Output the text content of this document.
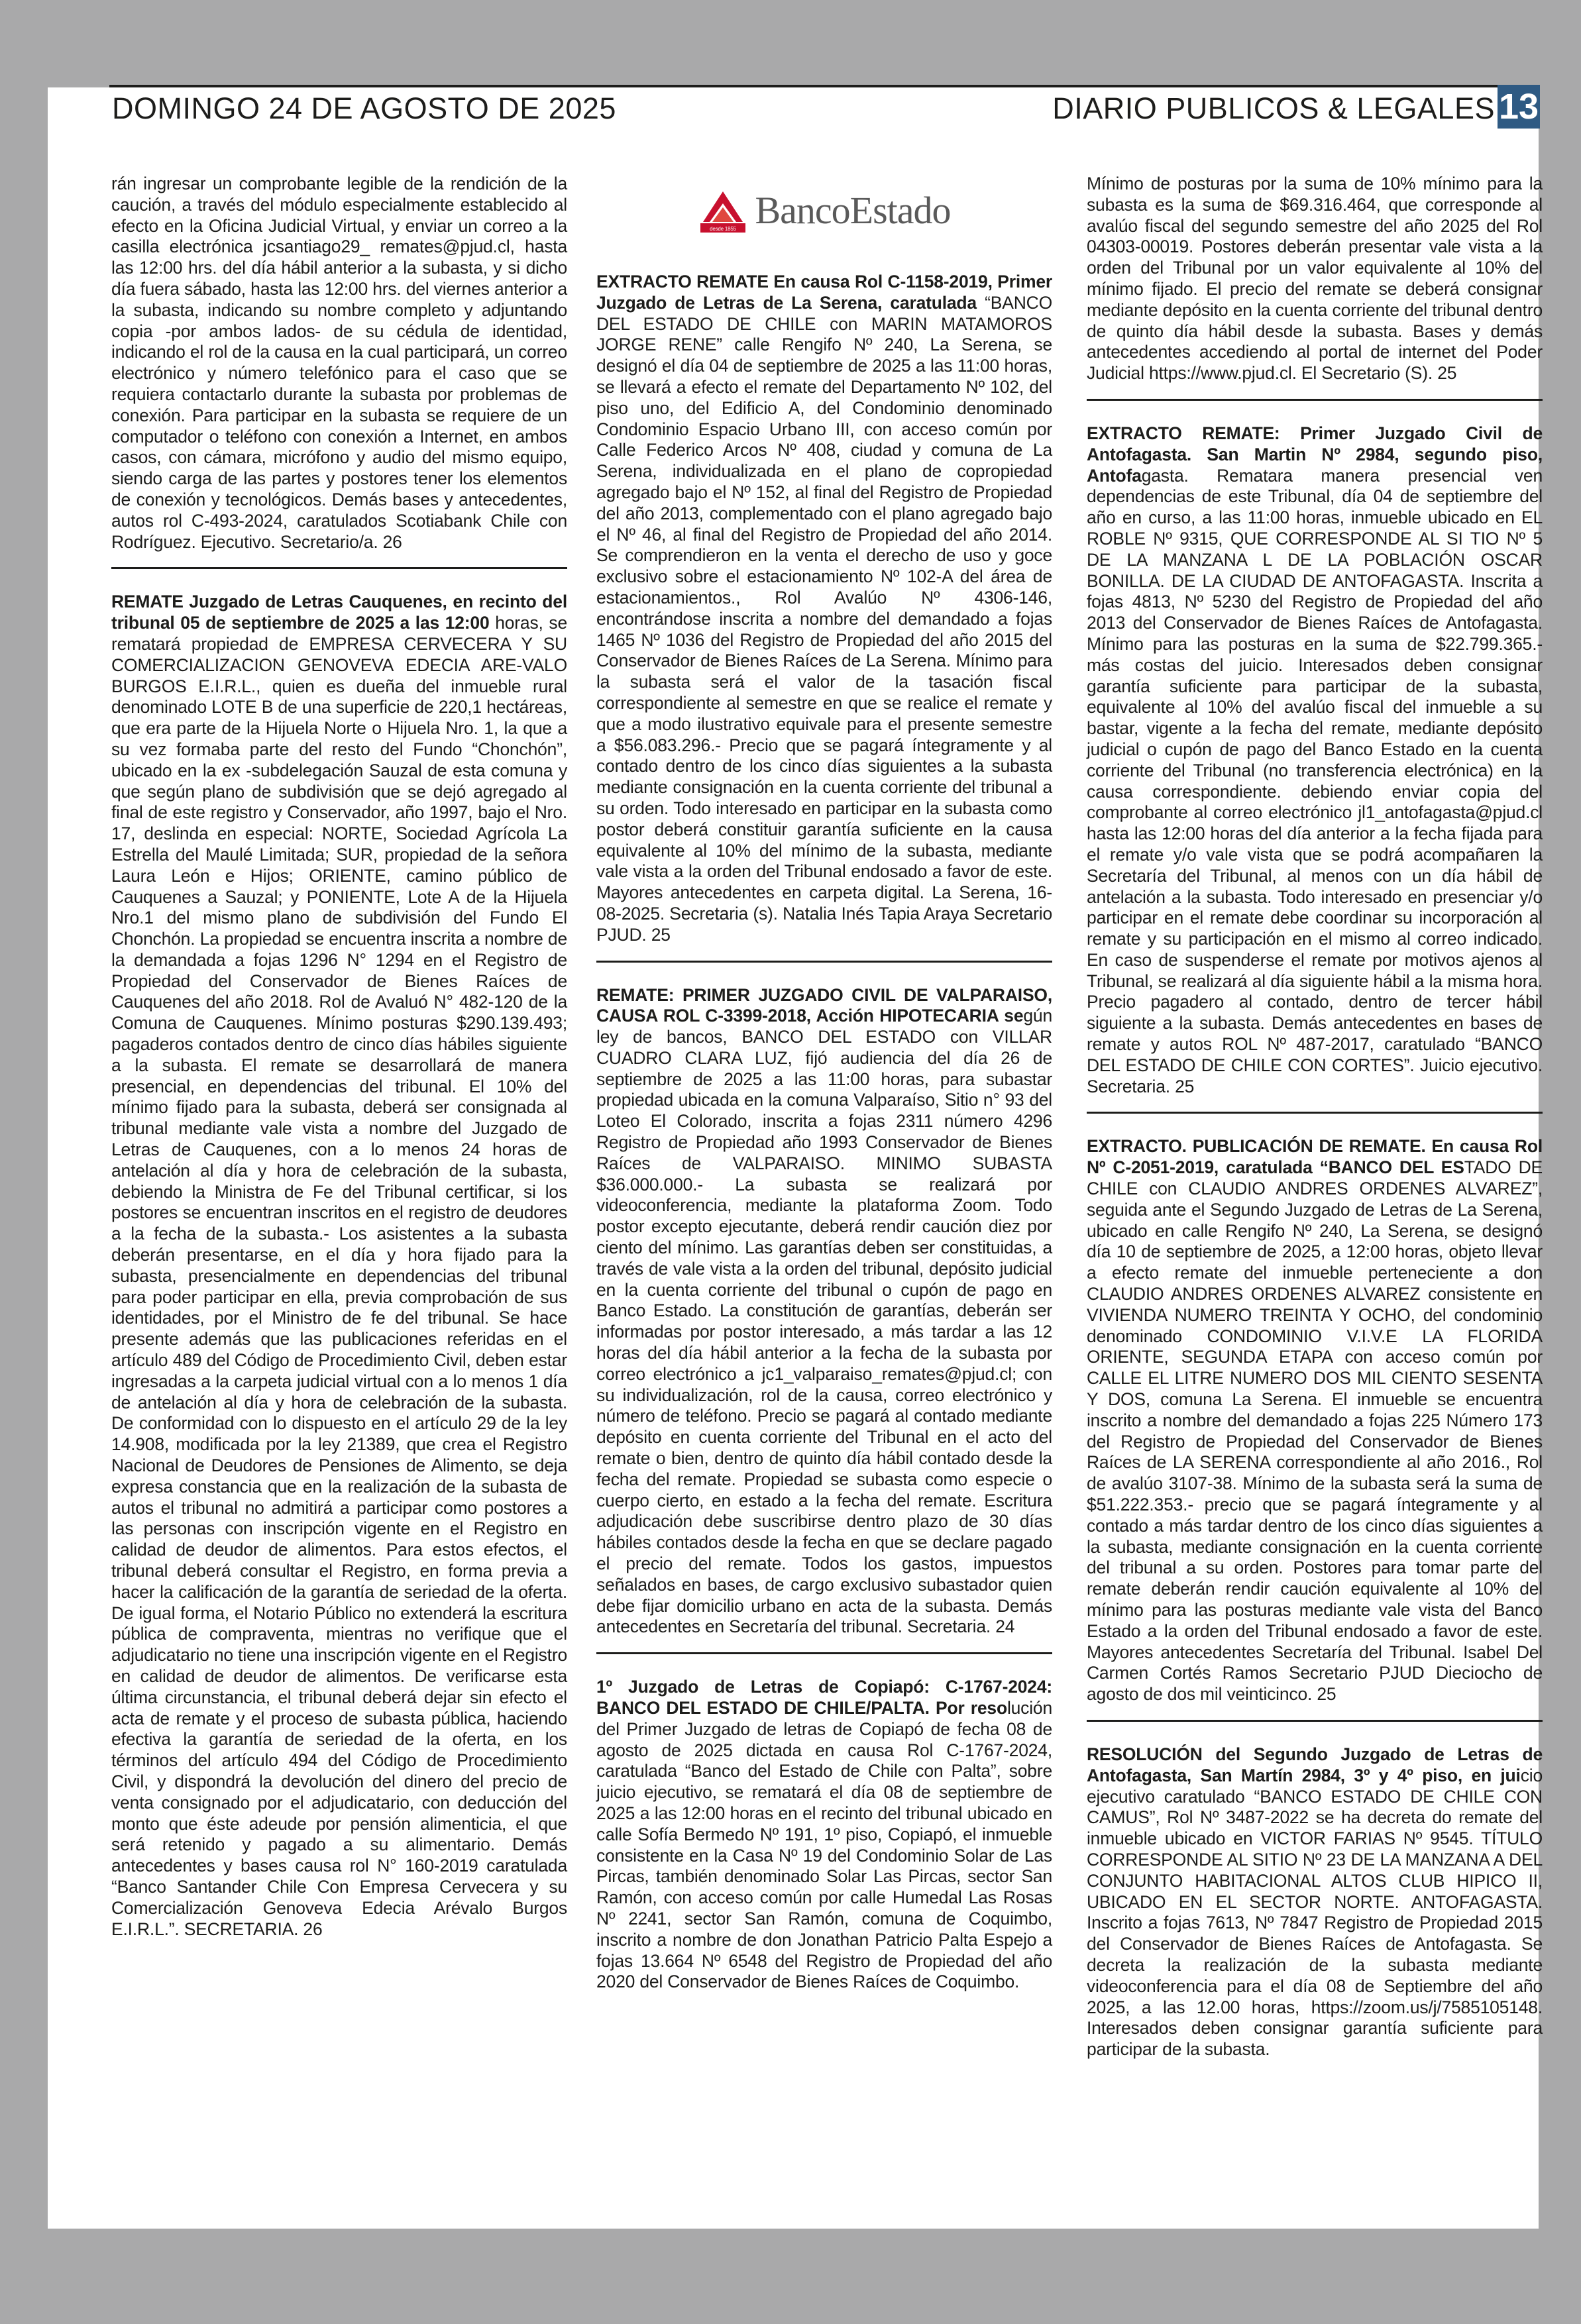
DOMINGO 24 DE AGOSTO DE 2025	DIARIO PUBLICOS & LEGALES 13

rán ingresar un comprobante legible de la rendición de la caución, a través del módulo especialmente establecido al efecto en la Oficina Judicial Virtual, y enviar un correo a la casilla electrónica jcsantiago29_ remates@pjud.cl, hasta las 12:00 hrs. del día hábil anterior a la subasta, y si dicho día fuera sábado, hasta las 12:00 hrs. del viernes anterior a la subasta, indicando su nombre completo y adjuntando copia -por ambos lados- de su cédula de identidad, indicando el rol de la causa en la cual participará, un correo electrónico y número telefónico para el caso que se requiera contactarlo durante la subasta por problemas de conexión. Para participar en la subasta se requiere de un computador o teléfono con conexión a Internet, en ambos casos, con cámara, micrófono y audio del mismo equipo, siendo carga de las partes y postores tener los elementos de conexión y tecnológicos. Demás bases y antecedentes, autos rol C-493-2024, caratulados Scotiabank Chile con Rodríguez. Ejecutivo. Secretario/a. 26

REMATE Juzgado de Letras Cauquenes, en recinto del tribunal 05 de septiembre de 2025 a las 12:00 horas, se rematará propiedad de EMPRESA CERVECERA Y SU COMERCIALIZACION GENOVEVA EDECIA ARE-VALO BURGOS E.I.R.L., quien es dueña del inmueble rural denominado LOTE B de una superficie de 220,1 hectáreas, que era parte de la Hijuela Norte o Hijuela Nro. 1, la que a su vez formaba parte del resto del Fundo “Chonchón”, ubicado en la ex -subdelegación Sauzal de esta comuna y que según plano de subdivisión que se dejó agregado al final de este registro y Conservador, año 1997, bajo el Nro. 17, deslinda en especial: NORTE, Sociedad Agrícola La Estrella del Maulé Limitada; SUR, propiedad de la señora Laura León e Hijos; ORIENTE, camino público de Cauquenes a Sauzal; y PONIENTE, Lote A de la Hijuela Nro.1 del mismo plano de subdivisión del Fundo El Chonchón. La propiedad se encuentra inscrita a nombre de la demandada a fojas 1296 N° 1294 en el Registro de Propiedad del Conservador de Bienes Raíces de Cauquenes del año 2018. Rol de Avaluó N° 482-120 de la Comuna de Cauquenes. Mínimo posturas $290.139.493; pagaderos contados dentro de cinco días hábiles siguiente a la subasta. El remate se desarrollará de manera presencial, en dependencias del tribunal. El 10% del mínimo fijado para la subasta, deberá ser consignada al tribunal mediante vale vista a nombre del Juzgado de Letras de Cauquenes, con a lo menos 24 horas de antelación al día y hora de celebración de la subasta, debiendo la Ministra de Fe del Tribunal certificar, si los postores se encuentran inscritos en el registro de deudores a la fecha de la subasta.- Los asistentes a la subasta deberán presentarse, en el día y hora fijado para la subasta, presencialmente en dependencias del tribunal para poder participar en ella, previa comprobación de sus identidades, por el Ministro de fe del tribunal. Se hace presente además que las publicaciones referidas en el artículo 489 del Código de Procedimiento Civil, deben estar ingresadas a la carpeta judicial virtual con a lo menos 1 día de antelación al día y hora de celebración de la subasta. De conformidad con lo dispuesto en el artículo 29 de la ley 14.908, modificada por la ley 21389, que crea el Registro Nacional de Deudores de Pensiones de Alimento, se deja expresa constancia que en la realización de la subasta de autos el tribunal no admitirá a participar como postores a las personas con inscripción vigente en el Registro en calidad de deudor de alimentos. Para estos efectos, el tribunal deberá consultar el Registro, en forma previa a hacer la calificación de la garantía de seriedad de la oferta. De igual forma, el Notario Público no extenderá la escritura pública de compraventa, mientras no verifique que el adjudicatario no tiene una inscripción vigente en el Registro en calidad de deudor de alimentos. De verificarse esta última circunstancia, el tribunal deberá dejar sin efecto el acta de remate y el proceso de subasta pública, haciendo efectiva la garantía de seriedad de la oferta, en los términos del artículo 494 del Código de Procedimiento Civil, y dispondrá la devolución del dinero del precio de venta consignado por el adjudicatario, con deducción del monto que éste adeude por pensión alimenticia, el que será retenido y pagado a su alimentario. Demás antecedentes y bases causa rol N° 160-2019 caratulada “Banco Santander Chile Con Empresa Cervecera y su Comercialización Genoveva Edecia Arévalo Burgos E.I.R.L.”. SECRETARIA. 26

desde 1855 BancoEstado

EXTRACTO REMATE En causa Rol C-1158-2019, Primer Juzgado de Letras de La Serena, caratulada “BANCO DEL ESTADO DE CHILE con MARIN MATAMOROS JORGE RENE” calle Rengifo Nº 240, La Serena, se designó el día 04 de septiembre de 2025 a las 11:00 horas, se llevará a efecto el remate del Departamento Nº 102, del piso uno, del Edificio A, del Condominio denominado Condominio Espacio Urbano III, con acceso común por Calle Federico Arcos Nº 408, ciudad y comuna de La Serena, individualizada en el plano de copropiedad agregado bajo el Nº 152, al final del Registro de Propiedad del año 2013, complementado con el plano agregado bajo el Nº 46, al final del Registro de Propiedad del año 2014. Se comprendieron en la venta el derecho de uso y goce exclusivo sobre el estacionamiento Nº 102-A del área de estacionamientos., Rol Avalúo Nº 4306-146, encontrándose inscrita a nombre del demandado a fojas 1465 Nº 1036 del Registro de Propiedad del año 2015 del Conservador de Bienes Raíces de La Serena. Mínimo para la subasta será el valor de la tasación fiscal correspondiente al semestre en que se realice el remate y que a modo ilustrativo equivale para el presente semestre a $56.083.296.- Precio que se pagará íntegramente y al contado dentro de los cinco días siguientes a la subasta mediante consignación en la cuenta corriente del tribunal a su orden. Todo interesado en participar en la subasta como postor deberá constituir garantía suficiente en la causa equivalente al 10% del mínimo de la subasta, mediante vale vista a la orden del Tribunal endosado a favor de este. Mayores antecedentes en carpeta digital. La Serena, 16-08-2025. Secretaria (s). Natalia Inés Tapia Araya Secretario PJUD. 25

REMATE: PRIMER JUZGADO CIVIL DE VALPARAISO, CAUSA ROL C-3399-2018, Acción HIPOTECARIA según ley de bancos, BANCO DEL ESTADO con VILLAR CUADRO CLARA LUZ, fijó audiencia del día 26 de septiembre de 2025 a las 11:00 horas, para subastar propiedad ubicada en la comuna Valparaíso, Sitio n° 93 del Loteo El Colorado, inscrita a fojas 2311 número 4296 Registro de Propiedad año 1993 Conservador de Bienes Raíces de VALPARAISO. MINIMO SUBASTA $36.000.000.- La subasta se realizará por videoconferencia, mediante la plataforma Zoom. Todo postor excepto ejecutante, deberá rendir caución diez por ciento del mínimo. Las garantías deben ser constituidas, a través de vale vista a la orden del tribunal, depósito judicial en la cuenta corriente del tribunal o cupón de pago en Banco Estado. La constitución de garantías, deberán ser informadas por postor interesado, a más tardar a las 12 horas del día hábil anterior a la fecha de la subasta por correo electrónico a jc1_valparaiso_remates@pjud.cl; con su individualización, rol de la causa, correo electrónico y número de teléfono. Precio se pagará al contado mediante depósito en cuenta corriente del Tribunal en el acto del remate o bien, dentro de quinto día hábil contado desde la fecha del remate. Propiedad se subasta como especie o cuerpo cierto, en estado a la fecha del remate. Escritura adjudicación debe suscribirse dentro plazo de 30 días hábiles contados desde la fecha en que se declare pagado el precio del remate. Todos los gastos, impuestos señalados en bases, de cargo exclusivo subastador quien debe fijar domicilio urbano en acta de la subasta. Demás antecedentes en Secretaría del tribunal. Secretaria. 24

1º Juzgado de Letras de Copiapó: C-1767-2024: BANCO DEL ESTADO DE CHILE/PALTA. Por resolución del Primer Juzgado de letras de Copiapó de fecha 08 de agosto de 2025 dictada en causa Rol C-1767-2024, caratulada “Banco del Estado de Chile con Palta”, sobre juicio ejecutivo, se rematará el día 08 de septiembre de 2025 a las 12:00 horas en el recinto del tribunal ubicado en calle Sofía Bermedo Nº 191, 1º piso, Copiapó, el inmueble consistente en la Casa Nº 19 del Condominio Solar de Las Pircas, también denominado Solar Las Pircas, sector San Ramón, con acceso común por calle Humedal Las Rosas Nº 2241, sector San Ramón, comuna de Coquimbo, inscrito a nombre de don Jonathan Patricio Palta Espejo a fojas 13.664 Nº 6548 del Registro de Propiedad del año 2020 del Conservador de Bienes Raíces de Coquimbo.

Mínimo de posturas por la suma de 10% mínimo para la subasta es la suma de $69.316.464, que corresponde al avalúo fiscal del segundo semestre del año 2025 del Rol 04303-00019. Postores deberán presentar vale vista a la orden del Tribunal por un valor equivalente al 10% del mínimo fijado. El precio del remate se deberá consignar mediante depósito en la cuenta corriente del tribunal dentro de quinto día hábil desde la subasta. Bases y demás antecedentes accediendo al portal de internet del Poder Judicial https://www.pjud.cl. El Secretario (S). 25

EXTRACTO REMATE: Primer Juzgado Civil de Antofagasta. San Martin Nº 2984, segundo piso, Antofagasta. Rematara manera presencial ven dependencias de este Tribunal, día 04 de septiembre del año en curso, a las 11:00 horas, inmueble ubicado en EL ROBLE Nº 9315, QUE CORRESPONDE AL SI TIO Nº 5 DE LA MANZANA L DE LA POBLACIÓN OSCAR BONILLA. DE LA CIUDAD DE ANTOFAGASTA. Inscrita a fojas 4813, Nº 5230 del Registro de Propiedad del año 2013 del Conservador de Bienes Raíces de Antofagasta. Mínimo para las posturas en la suma de $22.799.365.- más costas del juicio. Interesados deben consignar garantía suficiente para participar de la subasta, equivalente al 10% del avalúo fiscal del inmueble a su bastar, vigente a la fecha del remate, mediante depósito judicial o cupón de pago del Banco Estado en la cuenta corriente del Tribunal (no transferencia electrónica) en la causa correspondiente. debiendo enviar copia del comprobante al correo electrónico jl1_antofagasta@pjud.cl hasta las 12:00 horas del día anterior a la fecha fijada para el remate y/o vale vista que se podrá acompañaren la Secretaría del Tribunal, al menos con un día hábil de antelación a la subasta. Todo interesado en presenciar y/o participar en el remate debe coordinar su incorporación al remate y su participación en el mismo al correo indicado. En caso de suspenderse el remate por motivos ajenos al Tribunal, se realizará al día siguiente hábil a la misma hora. Precio pagadero al contado, dentro de tercer hábil siguiente a la subasta. Demás antecedentes en bases de remate y autos ROL Nº 487-2017, caratulado “BANCO DEL ESTADO DE CHILE CON CORTES”. Juicio ejecutivo. Secretaria. 25

EXTRACTO. PUBLICACIÓN DE REMATE. En causa Rol Nº C-2051-2019, caratulada “BANCO DEL ESTADO DE CHILE con CLAUDIO ANDRES ORDENES ALVAREZ”, seguida ante el Segundo Juzgado de Letras de La Serena, ubicado en calle Rengifo Nº 240, La Serena, se designó día 10 de septiembre de 2025, a 12:00 horas, objeto llevar a efecto remate del inmueble perteneciente a don CLAUDIO ANDRES ORDENES ALVAREZ consistente en VIVIENDA NUMERO TREINTA Y OCHO, del condominio denominado CONDOMINIO V.I.V.E LA FLORIDA ORIENTE, SEGUNDA ETAPA con acceso común por CALLE EL LITRE NUMERO DOS MIL CIENTO SESENTA Y DOS, comuna La Serena. El inmueble se encuentra inscrito a nombre del demandado a fojas 225 Número 173 del Registro de Propiedad del Conservador de Bienes Raíces de LA SERENA correspondiente al año 2016., Rol de avalúo 3107-38. Mínimo de la subasta será la suma de $51.222.353.- precio que se pagará íntegramente y al contado a más tardar dentro de los cinco días siguientes a la subasta, mediante consignación en la cuenta corriente del tribunal a su orden. Postores para tomar parte del remate deberán rendir caución equivalente al 10% del mínimo para las posturas mediante vale vista del Banco Estado a la orden del Tribunal endosado a favor de este. Mayores antecedentes Secretaría del Tribunal. Isabel Del Carmen Cortés Ramos Secretario PJUD Dieciocho de agosto de dos mil veinticinco. 25

RESOLUCIÓN del Segundo Juzgado de Letras de Antofagasta, San Martín 2984, 3º y 4º piso, en juicio ejecutivo caratulado “BANCO ESTADO DE CHILE CON CAMUS”, Rol Nº 3487-2022 se ha decreta do remate del inmueble ubicado en VICTOR FARIAS Nº 9545. TÍTULO CORRESPONDE AL SITIO Nº 23 DE LA MANZANA A DEL CONJUNTO HABITACIONAL ALTOS CLUB HIPICO II, UBICADO EN EL SECTOR NORTE. ANTOFAGASTA. Inscrito a fojas 7613, Nº 7847 Registro de Propiedad 2015 del Conservador de Bienes Raíces de Antofagasta. Se decreta la realización de la subasta mediante videoconferencia para el día 08 de Septiembre del año 2025, a las 12.00 horas, https://zoom.us/j/7585105148. Interesados deben consignar garantía suficiente para participar de la subasta.
